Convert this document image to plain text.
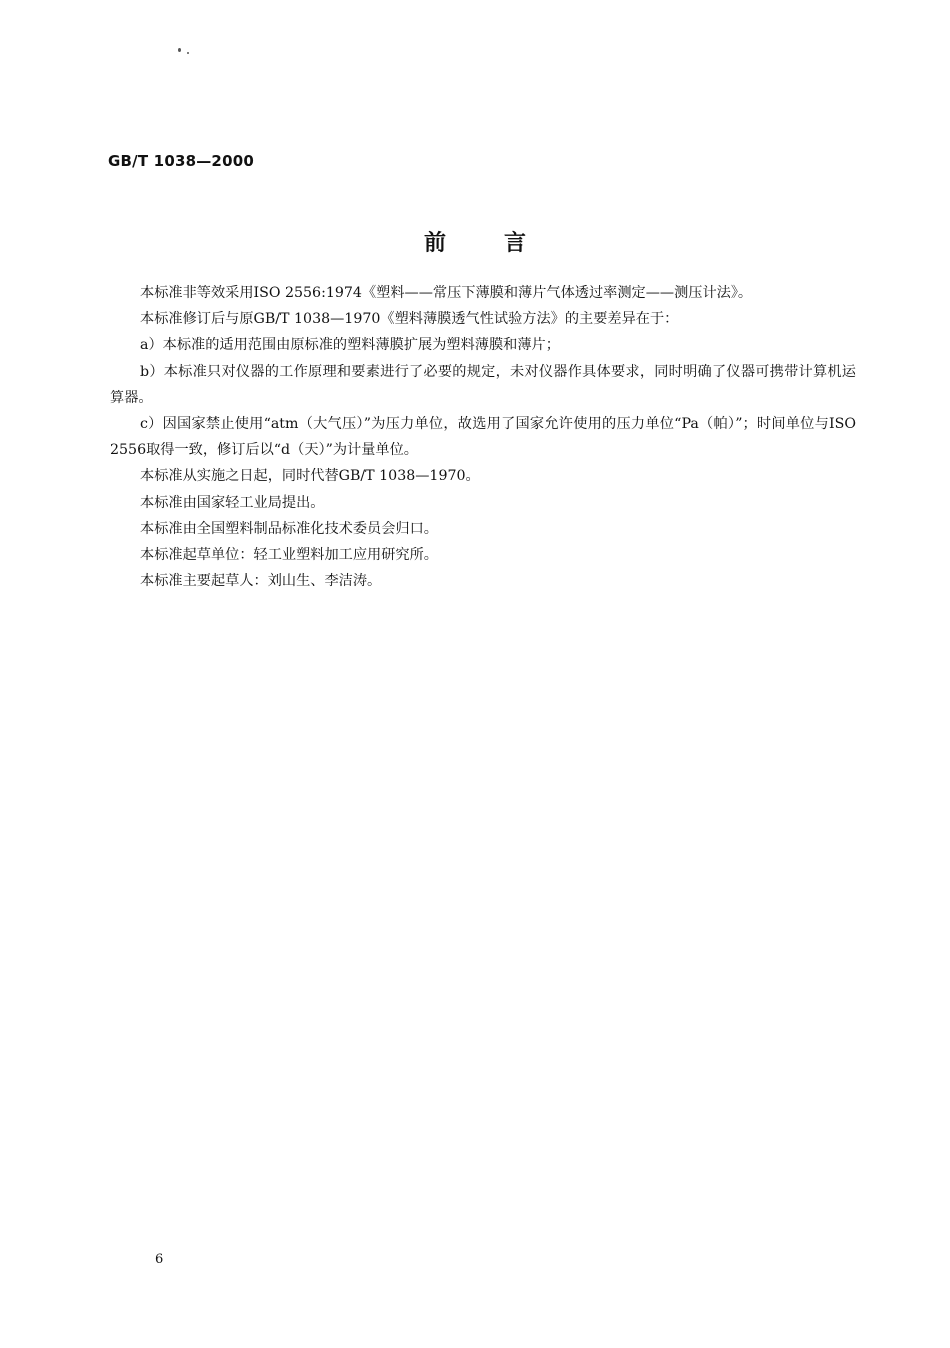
GB/T 1038—2000
前言

本标准非等效采用ISO 2556:1974《塑料——常压下薄膜和薄片气体透过率测定——测压计法》。

本标准修订后与原GB/T 1038—1970《塑料薄膜透气性试验方法》的主要差异在于：

a）本标准的适用范围由原标准的塑料薄膜扩展为塑料薄膜和薄片；

b）本标准只对仪器的工作原理和要素进行了必要的规定，未对仪器作具体要求，同时明确了仪器可携带计算机运算器。

c）因国家禁止使用“atm（大气压）”为压力单位，故选用了国家允许使用的压力单位“Pa（帕）”；时间单位与ISO 2556取得一致，修订后以“d（天）”为计量单位。

本标准从实施之日起，同时代替GB/T 1038—1970。

本标准由国家轻工业局提出。

本标准由全国塑料制品标准化技术委员会归口。

本标准起草单位：轻工业塑料加工应用研究所。

本标准主要起草人：刘山生、李洁涛。

6
